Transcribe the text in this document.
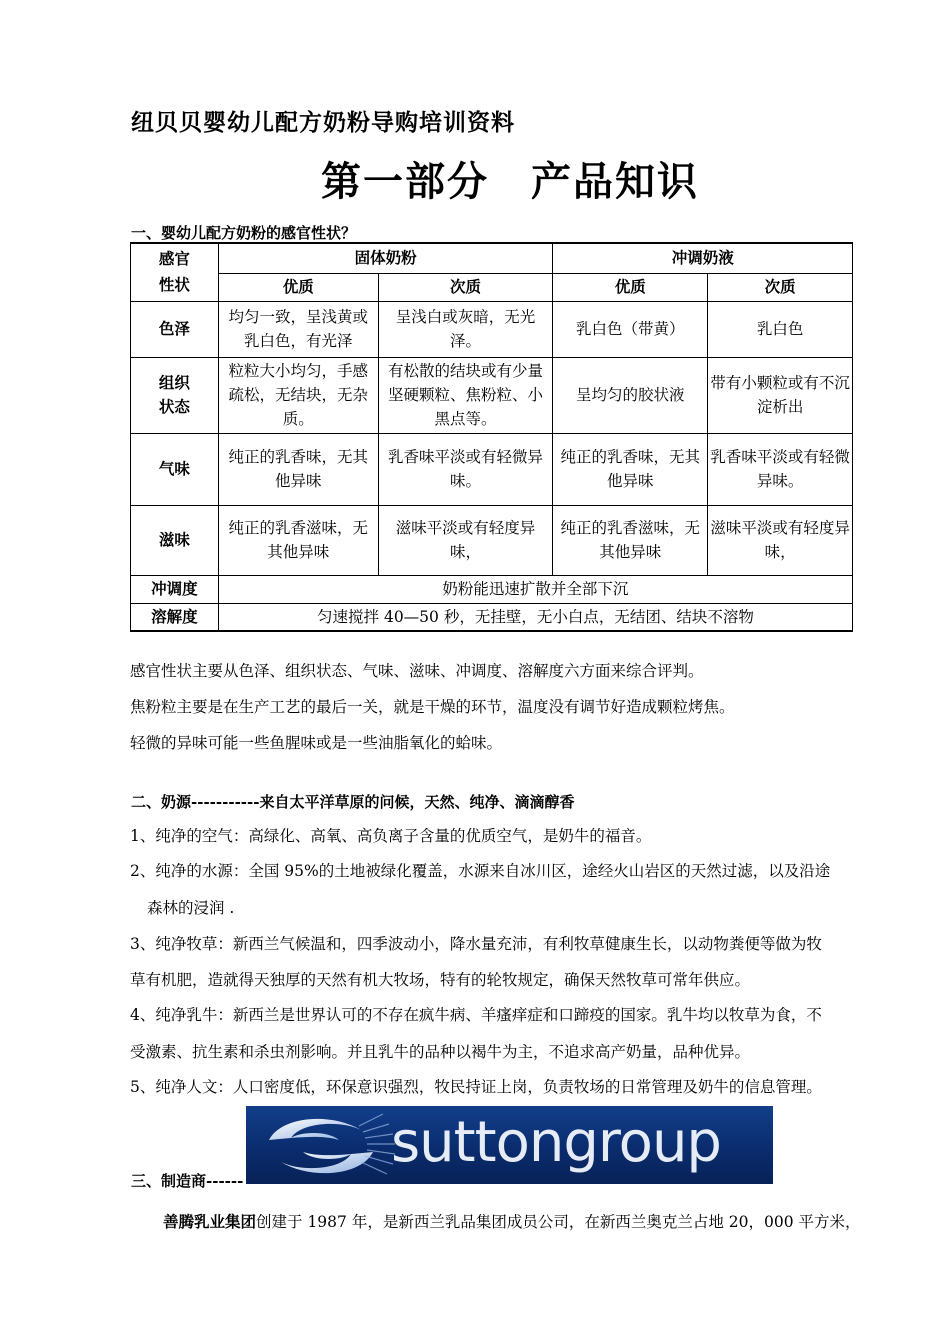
纽贝贝婴幼儿配方奶粉导购培训资料
第一部分　产品知识
一、婴幼儿配方奶粉的感官性状？
感官
性状	固体奶粉		冲调奶液	
	优质	次质	优质	次质
色泽	均匀一致，呈浅黄或乳白色，有光泽	呈浅白或灰暗，无光泽。	乳白色（带黄）	乳白色
组织
状态	粒粒大小均匀，手感疏松，无结块，无杂质。	有松散的结块或有少量坚硬颗粒、焦粉粒、小黑点等。	呈均匀的胶状液	带有小颗粒或有不沉淀析出
气味	纯正的乳香味，无其他异味	乳香味平淡或有轻微异味。	纯正的乳香味，无其他异味	乳香味平淡或有轻微异味。
滋味	纯正的乳香滋味，无其他异味	滋味平淡或有轻度异味，	纯正的乳香滋味，无其他异味	滋味平淡或有轻度异味，
冲调度	奶粉能迅速扩散并全部下沉			
溶解度	匀速搅拌 40—50 秒，无挂壁，无小白点，无结团、结块不溶物			
感官性状主要从色泽、组织状态、气味、滋味、冲调度、溶解度六方面来综合评判。
焦粉粒主要是在生产工艺的最后一关，就是干燥的环节，温度没有调节好造成颗粒烤焦。
轻微的异味可能一些鱼腥味或是一些油脂氧化的蛤味。
二、奶源-----------来自太平洋草原的问候，天然、纯净、滴滴醇香
1、纯净的空气：高绿化、高氧、高负离子含量的优质空气，是奶牛的福音。
2、纯净的水源：全国 95%的土地被绿化覆盖，水源来自冰川区，途经火山岩区的天然过滤，以及沿途
森林的浸润 .
3、纯净牧草：新西兰气候温和，四季波动小，降水量充沛，有利牧草健康生长，以动物粪便等做为牧
草有机肥，造就得天独厚的天然有机大牧场，特有的轮牧规定，确保天然牧草可常年供应。
4、纯净乳牛：新西兰是世界认可的不存在疯牛病、羊瘙痒症和口蹄疫的国家。乳牛均以牧草为食，不
受激素、抗生素和杀虫剂影响。并且乳牛的品种以褐牛为主，不追求高产奶量，品种优异。
5、纯净人文：人口密度低，环保意识强烈，牧民持证上岗，负责牧场的日常管理及奶牛的信息管理。
suttongroup
三、制造商------
善腾乳业集团创建于 1987 年，是新西兰乳品集团成员公司，在新西兰奥克兰占地 20，000 平方米，
